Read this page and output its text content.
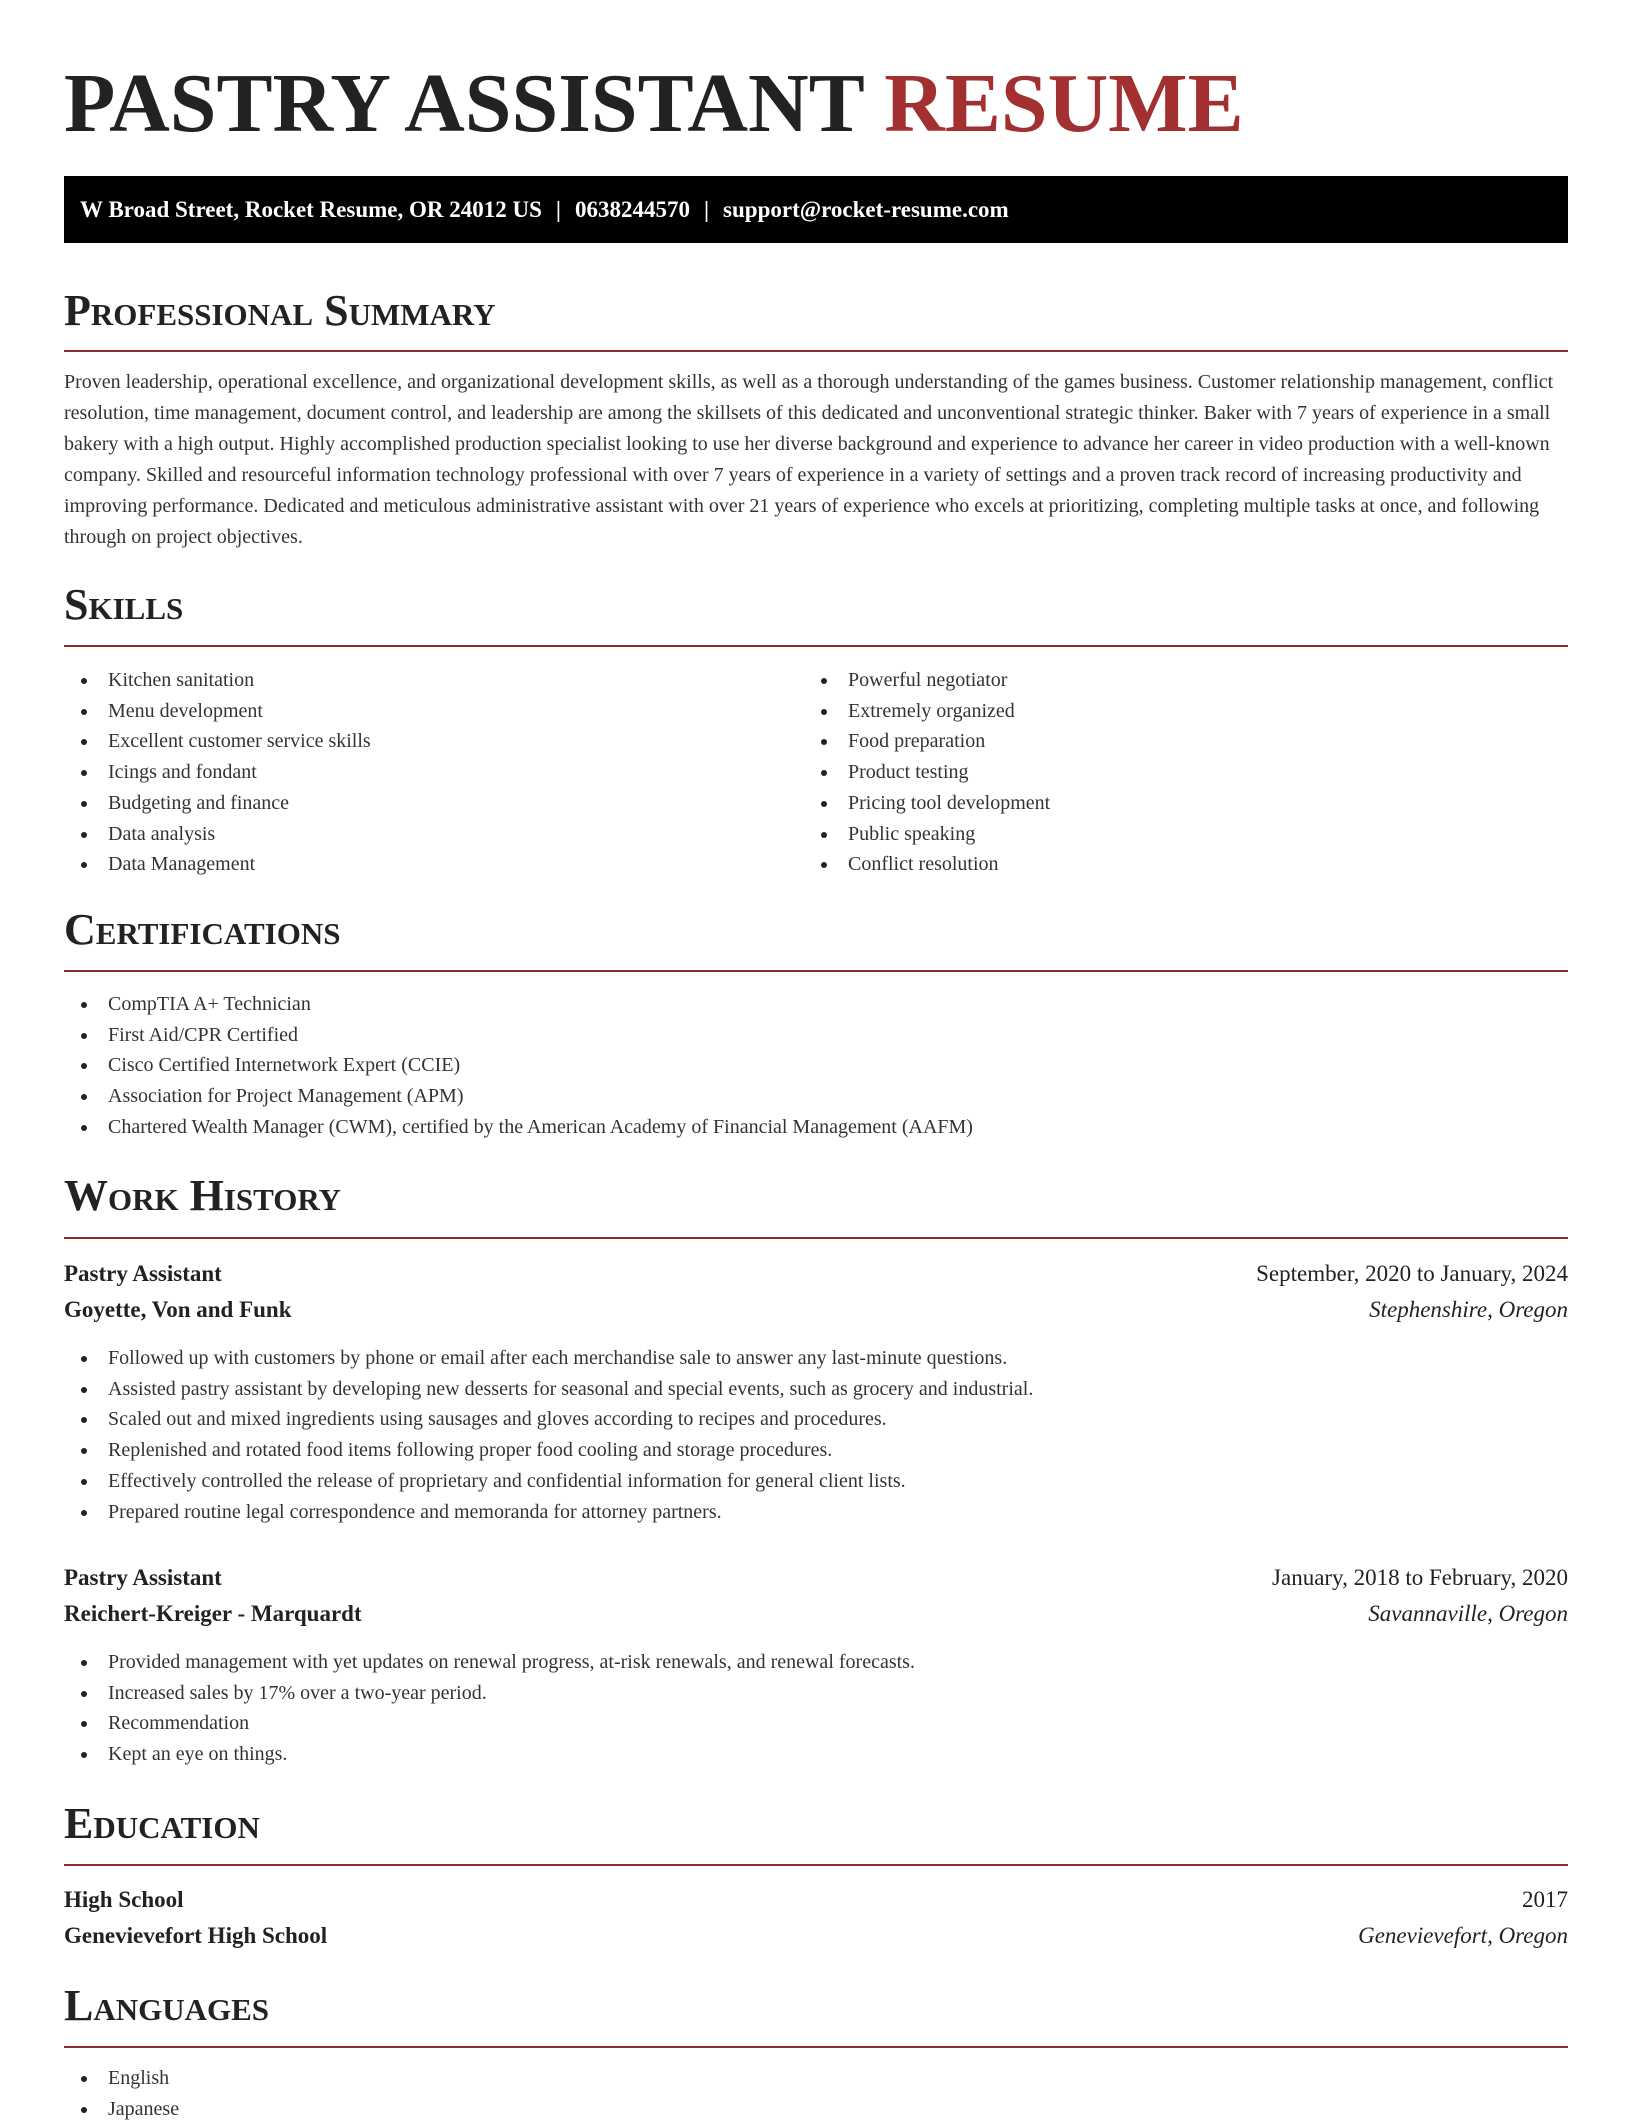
PASTRY ASSISTANT RESUME
W Broad Street, Rocket Resume, OR 24012 US | 0638244570 | support@rocket-resume.com
Professional Summary

Proven leadership, operational excellence, and organizational development skills, as well as a thorough understanding of the games business. Customer relationship management, conflict resolution, time management, document control, and leadership are among the skillsets of this dedicated and unconventional strategic thinker. Baker with 7 years of experience in a small bakery with a high output. Highly accomplished production specialist looking to use her diverse background and experience to advance her career in video production with a well-known company. Skilled and resourceful information technology professional with over 7 years of experience in a variety of settings and a proven track record of increasing productivity and improving performance. Dedicated and meticulous administrative assistant with over 21 years of experience who excels at prioritizing, completing multiple tasks at once, and following through on project objectives.

Skills
Kitchen sanitation
Menu development
Excellent customer service skills
Icings and fondant
Budgeting and finance
Data analysis
Data Management
Powerful negotiator
Extremely organized
Food preparation
Product testing
Pricing tool development
Public speaking
Conflict resolution
Certifications
CompTIA A+ Technician
First Aid/CPR Certified
Cisco Certified Internetwork Expert (CCIE)
Association for Project Management (APM)
Chartered Wealth Manager (CWM), certified by the American Academy of Financial Management (AAFM)
Work History
Pastry Assistant	September, 2020 to January, 2024
Goyette, Von and Funk	Stephenshire, Oregon
Followed up with customers by phone or email after each merchandise sale to answer any last-minute questions.
Assisted pastry assistant by developing new desserts for seasonal and special events, such as grocery and industrial.
Scaled out and mixed ingredients using sausages and gloves according to recipes and procedures.
Replenished and rotated food items following proper food cooling and storage procedures.
Effectively controlled the release of proprietary and confidential information for general client lists.
Prepared routine legal correspondence and memoranda for attorney partners.
Pastry Assistant	January, 2018 to February, 2020
Reichert-Kreiger - Marquardt	Savannaville, Oregon
Provided management with yet updates on renewal progress, at-risk renewals, and renewal forecasts.
Increased sales by 17% over a two-year period.
Recommendation
Kept an eye on things.
Education
High School	2017
Genevievefort High School	Genevievefort, Oregon
Languages
English
Japanese
